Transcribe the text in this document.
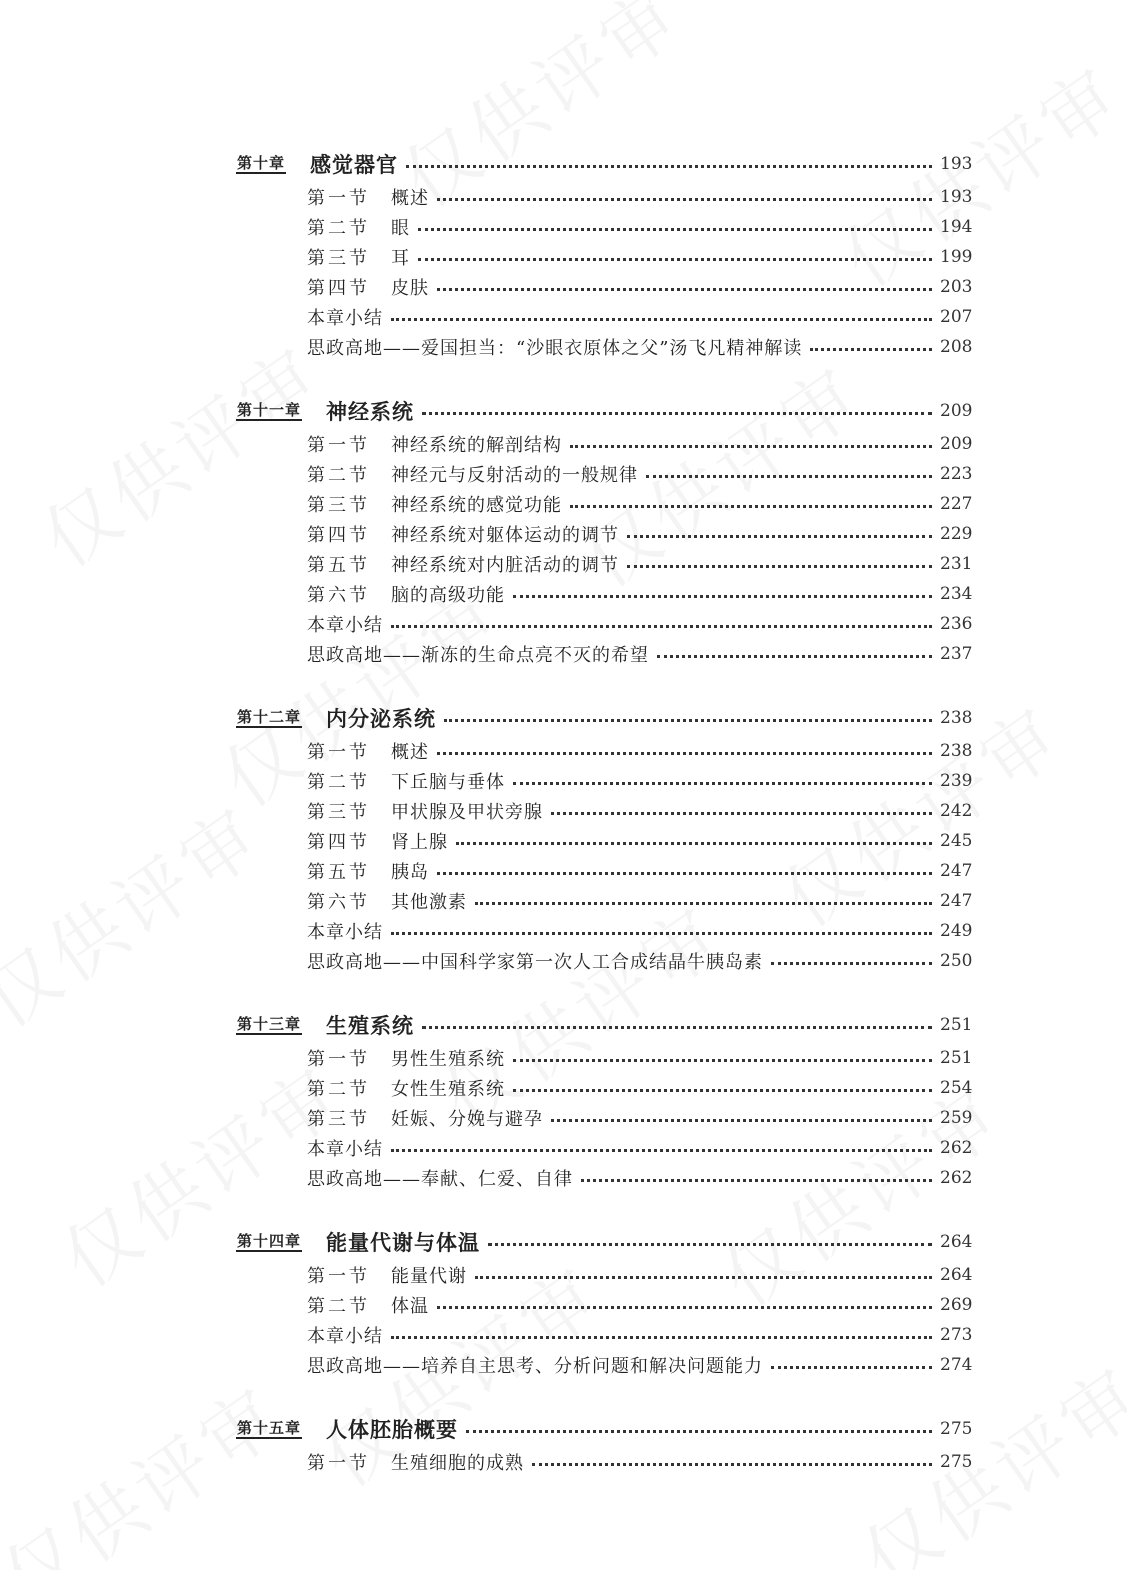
第十章 感觉器官	193
第一节	概述	193
第二节	眼	194
第三节	耳	199
第四节	皮肤	203
本章小结	207
思政高地——爱国担当：“沙眼衣原体之父”汤飞凡精神解读	208
第十一章 神经系统	209
第一节	神经系统的解剖结构	209
第二节	神经元与反射活动的一般规律	223
第三节	神经系统的感觉功能	227
第四节	神经系统对躯体运动的调节	229
第五节	神经系统对内脏活动的调节	231
第六节	脑的高级功能	234
本章小结	236
思政高地——渐冻的生命点亮不灭的希望	237
第十二章 内分泌系统	238
第一节	概述	238
第二节	下丘脑与垂体	239
第三节	甲状腺及甲状旁腺	242
第四节	肾上腺	245
第五节	胰岛	247
第六节	其他激素	247
本章小结	249
思政高地——中国科学家第一次人工合成结晶牛胰岛素	250
第十三章 生殖系统	251
第一节	男性生殖系统	251
第二节	女性生殖系统	254
第三节	妊娠、分娩与避孕	259
本章小结	262
思政高地——奉献、仁爱、自律	262
第十四章 能量代谢与体温	264
第一节	能量代谢	264
第二节	体温	269
本章小结	273
思政高地——培养自主思考、分析问题和解决问题能力	274
第十五章 人体胚胎概要	275
第一节	生殖细胞的成熟	275
